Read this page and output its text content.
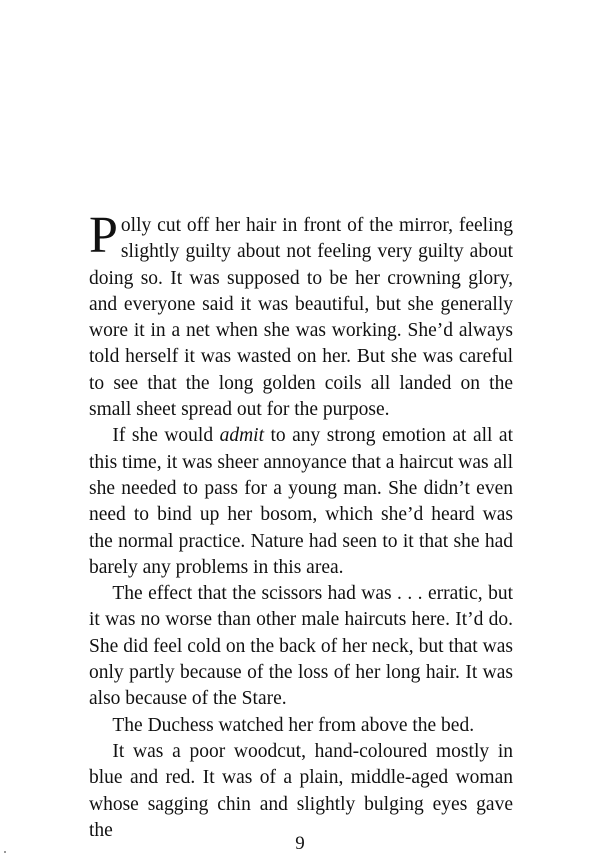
Polly cut off her hair in front of the mirror, feeling slightly guilty about not feeling very guilty about doing so. It was supposed to be her crowning glory, and everyone said it was beautiful, but she generally wore it in a net when she was working. She’d always told herself it was wasted on her. But she was careful to see that the long golden coils all landed on the small sheet spread out for the purpose.

If she would admit to any strong emotion at all at this time, it was sheer annoyance that a haircut was all she needed to pass for a young man. She didn’t even need to bind up her bosom, which she’d heard was the normal practice. Nature had seen to it that she had barely any problems in this area.

The effect that the scissors had was . . . erratic, but it was no worse than other male haircuts here. It’d do. She did feel cold on the back of her neck, but that was only partly because of the loss of her long hair. It was also because of the Stare.

The Duchess watched her from above the bed.

It was a poor woodcut, hand-coloured mostly in blue and red. It was of a plain, middle-aged woman whose sagging chin and slightly bulging eyes gave the

9
